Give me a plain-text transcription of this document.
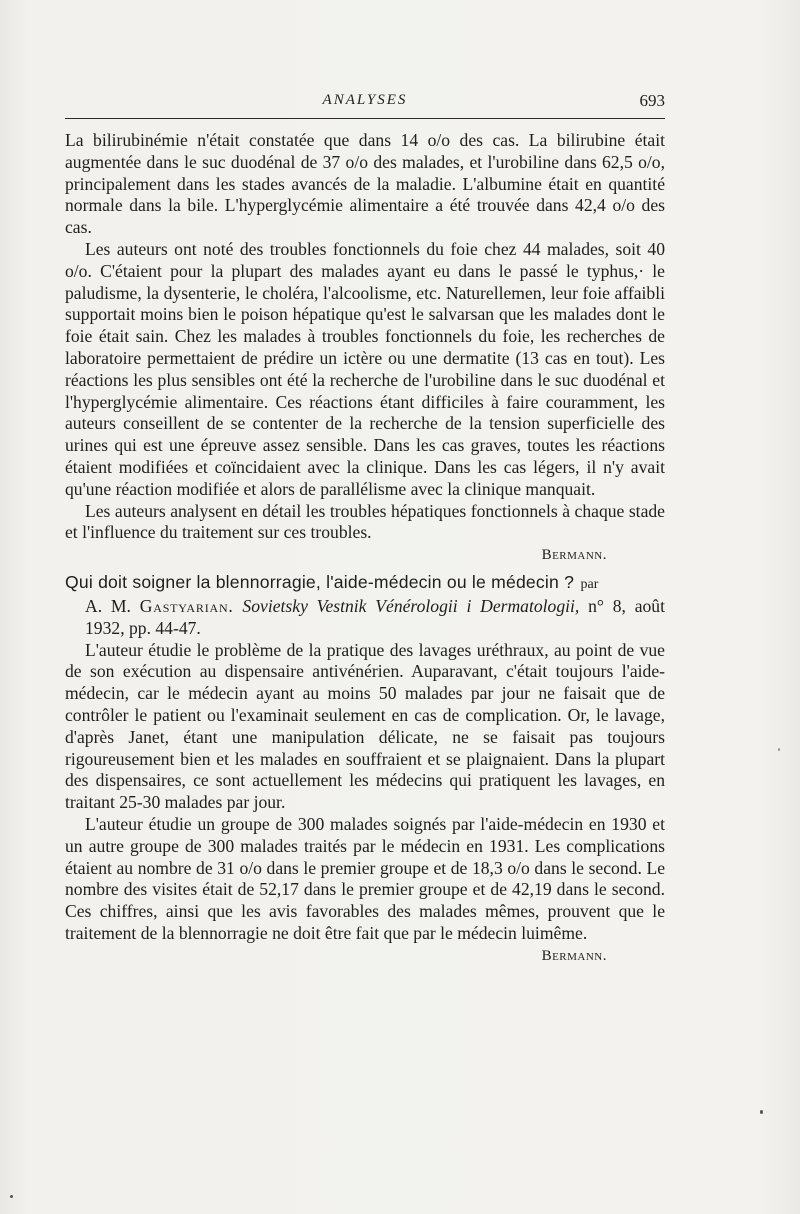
ANALYSES	693

La bilirubinémie n'était constatée que dans 14 o/o des cas. La bilirubine était augmentée dans le suc duodénal de 37 o/o des malades, et l'urobiline dans 62,5 o/o, principalement dans les stades avancés de la maladie. L'albumine était en quantité normale dans la bile. L'hyperglycémie alimentaire a été trouvée dans 42,4 o/o des cas.

Les auteurs ont noté des troubles fonctionnels du foie chez 44 malades, soit 40 o/o. C'étaient pour la plupart des malades ayant eu dans le passé le typhus,· le paludisme, la dysenterie, le choléra, l'alcoolisme, etc. Naturellemen, leur foie affaibli supportait moins bien le poison hépatique qu'est le salvarsan que les malades dont le foie était sain. Chez les malades à troubles fonctionnels du foie, les recherches de laboratoire permettaient de prédire un ictère ou une dermatite (13 cas en tout). Les réactions les plus sensibles ont été la recherche de l'urobiline dans le suc duodénal et l'hyperglycémie alimentaire. Ces réactions étant difficiles à faire couramment, les auteurs conseillent de se contenter de la recherche de la tension superficielle des urines qui est une épreuve assez sensible. Dans les cas graves, toutes les réactions étaient modifiées et coïncidaient avec la clinique. Dans les cas légers, il n'y avait qu'une réaction modifiée et alors de parallélisme avec la clinique manquait.

Les auteurs analysent en détail les troubles hépatiques fonctionnels à chaque stade et l'influence du traitement sur ces troubles.

Bermann.

Qui doit soigner la blennorragie, l'aide-médecin ou le médecin ? par
A. M. Gastyarian. Sovietsky Vestnik Vénérologii i Dermatologii, n° 8, août 1932, pp. 44-47.

L'auteur étudie le problème de la pratique des lavages uréthraux, au point de vue de son exécution au dispensaire antivénérien. Auparavant, c'était toujours l'aide-médecin, car le médecin ayant au moins 50 malades par jour ne faisait que de contrôler le patient ou l'examinait seulement en cas de complication. Or, le lavage, d'après Janet, étant une manipulation délicate, ne se faisait pas toujours rigoureusement bien et les malades en souffraient et se plaignaient. Dans la plupart des dispensaires, ce sont actuellement les médecins qui pratiquent les lavages, en traitant 25-30 malades par jour.

L'auteur étudie un groupe de 300 malades soignés par l'aide-médecin en 1930 et un autre groupe de 300 malades traités par le médecin en 1931. Les complications étaient au nombre de 31 o/o dans le premier groupe et de 18,3 o/o dans le second. Le nombre des visites était de 52,17 dans le premier groupe et de 42,19 dans le second. Ces chiffres, ainsi que les avis favorables des malades mêmes, prouvent que le traitement de la blennorragie ne doit être fait que par le médecin luimême.

Bermann.
